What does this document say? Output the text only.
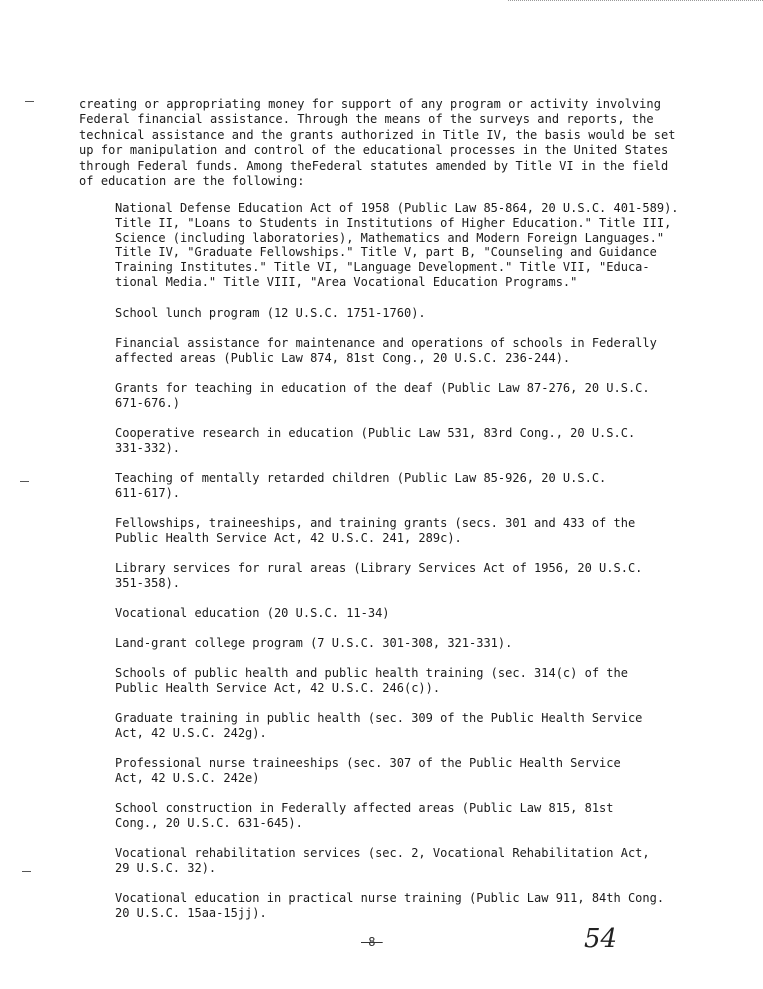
creating or appropriating money for support of any program or activity involving
Federal financial assistance. Through the means of the surveys and reports, the
technical assistance and the grants authorized in Title IV, the basis would be set
up for manipulation and control of the educational processes in the United States
through Federal funds. Among theFederal statutes amended by Title VI in the field
of education are the following:

National Defense Education Act of 1958 (Public Law 85-864, 20 U.S.C. 401-589).
Title II, "Loans to Students in Institutions of Higher Education." Title III,
Science (including laboratories), Mathematics and Modern Foreign Languages."
Title IV, "Graduate Fellowships." Title V, part B, "Counseling and Guidance
Training Institutes." Title VI, "Language Development." Title VII, "Educa-
tional Media." Title VIII, "Area Vocational Education Programs."
School lunch program (12 U.S.C. 1751-1760).
Financial assistance for maintenance and operations of schools in Federally
affected areas (Public Law 874, 81st Cong., 20 U.S.C. 236-244).
Grants for teaching in education of the deaf (Public Law 87-276, 20 U.S.C.
671-676.)
Cooperative research in education (Public Law 531, 83rd Cong., 20 U.S.C.
331-332).
Teaching of mentally retarded children (Public Law 85-926, 20 U.S.C.
611-617).
Fellowships, traineeships, and training grants (secs. 301 and 433 of the
Public Health Service Act, 42 U.S.C. 241, 289c).
Library services for rural areas (Library Services Act of 1956, 20 U.S.C.
351-358).
Vocational education (20 U.S.C. 11-34)
Land-grant college program (7 U.S.C. 301-308, 321-331).
Schools of public health and public health training (sec. 314(c) of the
Public Health Service Act, 42 U.S.C. 246(c)).
Graduate training in public health (sec. 309 of the Public Health Service
Act, 42 U.S.C. 242g).
Professional nurse traineeships (sec. 307 of the Public Health Service
Act, 42 U.S.C. 242e)
School construction in Federally affected areas (Public Law 815, 81st
Cong., 20 U.S.C. 631-645).
Vocational rehabilitation services (sec. 2, Vocational Rehabilitation Act,
29 U.S.C. 32).
Vocational education in practical nurse training (Public Law 911, 84th Cong.
20 U.S.C. 15aa-15jj).
-8-	54
